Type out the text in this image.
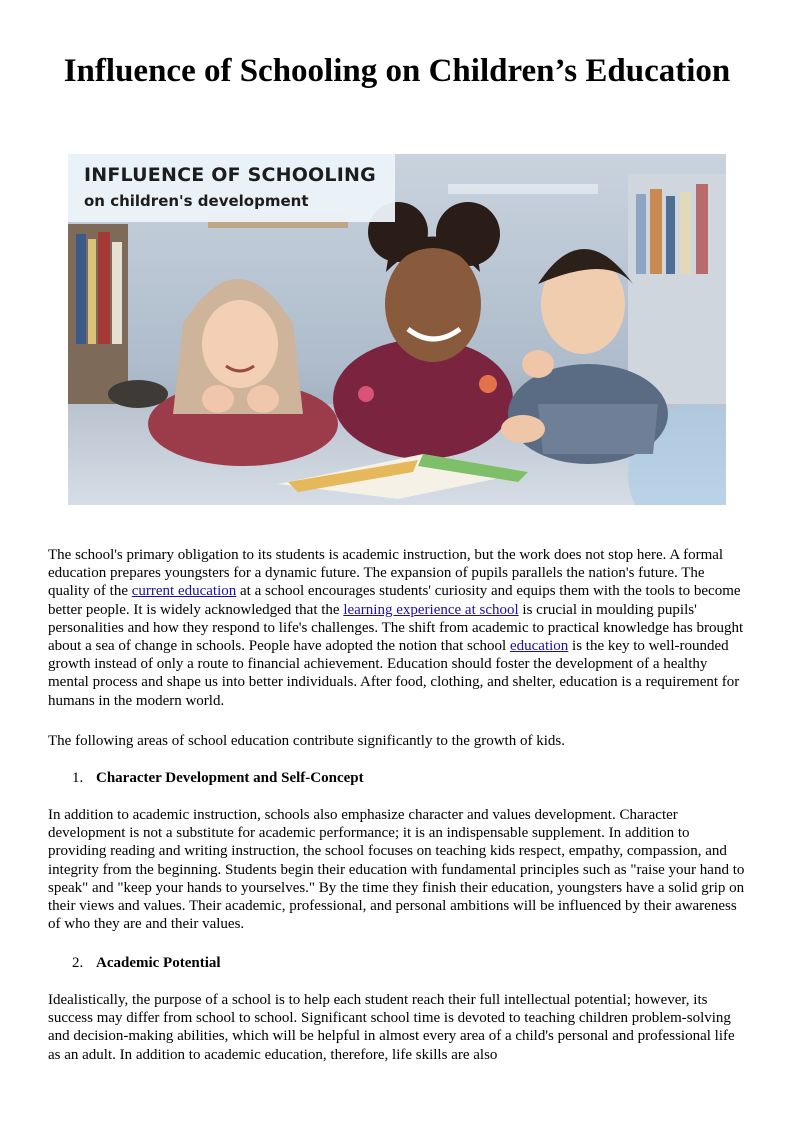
Influence of Schooling on Children’s Education
INFLUENCE OF SCHOOLING
on children's development

The school's primary obligation to its students is academic instruction, but the work does not stop here. A formal education prepares youngsters for a dynamic future. The expansion of pupils parallels the nation's future. The quality of the current education at a school encourages students' curiosity and equips them with the tools to become better people. It is widely acknowledged that the learning experience at school is crucial in moulding pupils' personalities and how they respond to life's challenges. The shift from academic to practical knowledge has brought about a sea of change in schools. People have adopted the notion that school education is the key to well-rounded growth instead of only a route to financial achievement. Education should foster the development of a healthy mental process and shape us into better individuals. After food, clothing, and shelter, education is a requirement for humans in the modern world.

The following areas of school education contribute significantly to the growth of kids.

1. Character Development and Self-Concept

In addition to academic instruction, schools also emphasize character and values development. Character development is not a substitute for academic performance; it is an indispensable supplement. In addition to providing reading and writing instruction, the school focuses on teaching kids respect, empathy, compassion, and integrity from the beginning. Students begin their education with fundamental principles such as "raise your hand to speak" and "keep your hands to yourselves." By the time they finish their education, youngsters have a solid grip on their views and values. Their academic, professional, and personal ambitions will be influenced by their awareness of who they are and their values.

2. Academic Potential

Idealistically, the purpose of a school is to help each student reach their full intellectual potential; however, its success may differ from school to school. Significant school time is devoted to teaching children problem-solving and decision-making abilities, which will be helpful in almost every area of a child's personal and professional life as an adult. In addition to academic education, therefore, life skills are also
